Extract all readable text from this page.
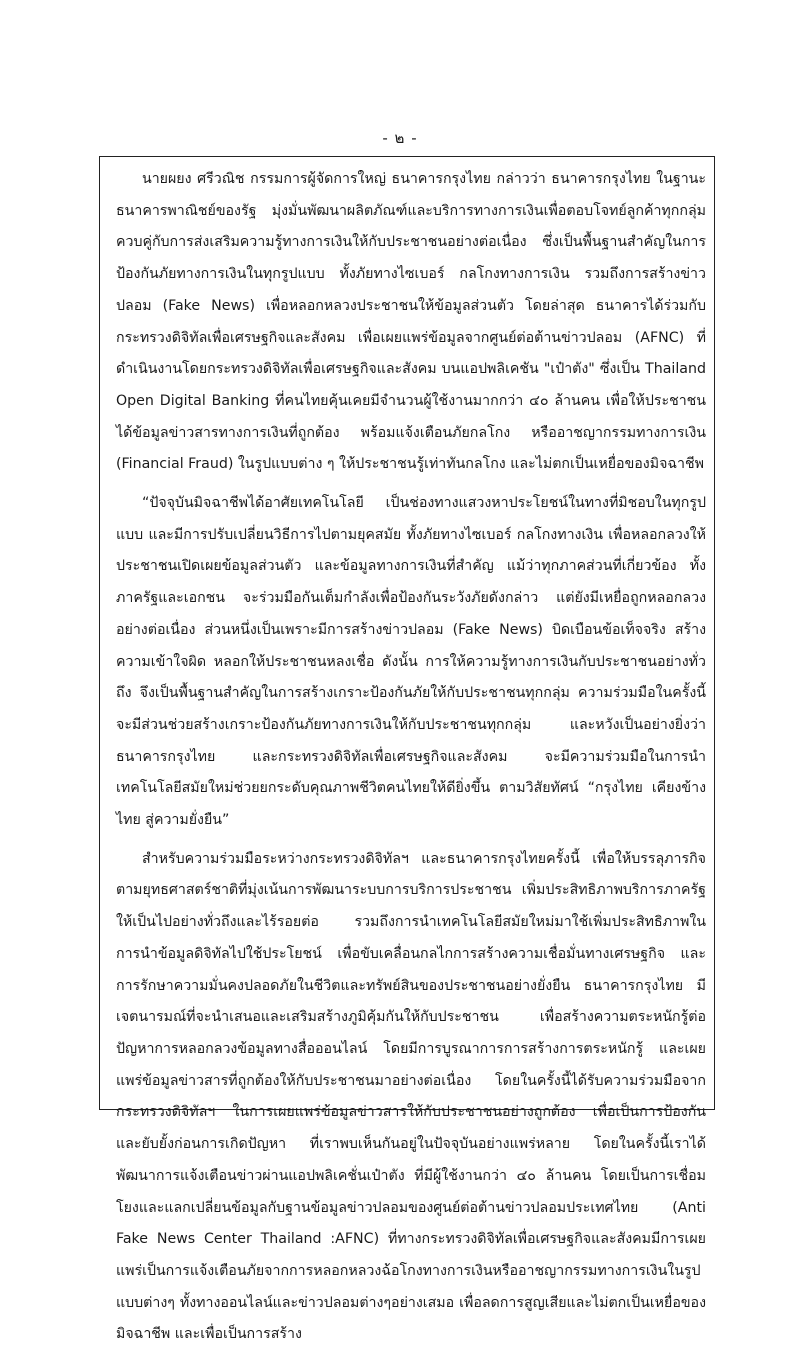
- ๒ -

นายผยง ศรีวณิช กรรมการผู้จัดการใหญ่ ธนาคารกรุงไทย กล่าวว่า ธนาคารกรุงไทย ในฐานะธนาคารพาณิชย์ของรัฐ มุ่งมั่นพัฒนาผลิตภัณฑ์และบริการทางการเงินเพื่อตอบโจทย์ลูกค้าทุกกลุ่ม ควบคู่กับการส่งเสริมความรู้ทางการเงินให้กับประชาชนอย่างต่อเนื่อง ซึ่งเป็นพื้นฐานสำคัญในการป้องกันภัยทางการเงินในทุกรูปแบบ ทั้งภัยทางไซเบอร์ กลโกงทางการเงิน รวมถึงการสร้างข่าวปลอม (Fake News) เพื่อหลอกหลวงประชาชนให้ข้อมูลส่วนตัว โดยล่าสุด ธนาคารได้ร่วมกับกระทรวงดิจิทัลเพื่อเศรษฐกิจและสังคม เพื่อเผยแพร่ข้อมูลจากศูนย์ต่อต้านข่าวปลอม (AFNC) ที่ดำเนินงานโดยกระทรวงดิจิทัลเพื่อเศรษฐกิจและสังคม บนแอปพลิเคชัน "เป๋าตัง" ซึ่งเป็น Thailand Open Digital Banking ที่คนไทยคุ้นเคยมีจำนวนผู้ใช้งานมากกว่า ๔๐ ล้านคน เพื่อให้ประชาชนได้ข้อมูลข่าวสารทางการเงินที่ถูกต้อง พร้อมแจ้งเตือนภัยกลโกง หรืออาชญากรรมทางการเงิน (Financial Fraud) ในรูปแบบต่าง ๆ ให้ประชาชนรู้เท่าทันกลโกง และไม่ตกเป็นเหยื่อของมิจฉาชีพ

“ปัจจุบันมิจฉาชีพได้อาศัยเทคโนโลยี เป็นช่องทางแสวงหาประโยชน์ในทางที่มิชอบในทุกรูปแบบ และมีการปรับเปลี่ยนวิธีการไปตามยุคสมัย ทั้งภัยทางไซเบอร์ กลโกงทางเงิน เพื่อหลอกลวงให้ประชาชนเปิดเผยข้อมูลส่วนตัว และข้อมูลทางการเงินที่สำคัญ แม้ว่าทุกภาคส่วนที่เกี่ยวข้อง ทั้งภาครัฐและเอกชน จะร่วมมือกันเต็มกำลังเพื่อป้องกันระวังภัยดังกล่าว แต่ยังมีเหยื่อถูกหลอกลวงอย่างต่อเนื่อง ส่วนหนึ่งเป็นเพราะมีการสร้างข่าวปลอม (Fake News) บิดเบือนข้อเท็จจริง สร้างความเข้าใจผิด หลอกให้ประชาชนหลงเชื่อ ดังนั้น การให้ความรู้ทางการเงินกับประชาชนอย่างทั่วถึง จึงเป็นพื้นฐานสำคัญในการสร้างเกราะป้องกันภัยให้กับประชาชนทุกกลุ่ม ความร่วมมือในครั้งนี้ จะมีส่วนช่วยสร้างเกราะป้องกันภัยทางการเงินให้กับประชาชนทุกกลุ่ม และหวังเป็นอย่างยิ่งว่าธนาคารกรุงไทย และกระทรวงดิจิทัลเพื่อเศรษฐกิจและสังคม จะมีความร่วมมือในการนำเทคโนโลยีสมัยใหม่ช่วยยกระดับคุณภาพชีวิตคนไทยให้ดียิ่งขึ้น ตามวิสัยทัศน์ “กรุงไทย เคียงข้างไทย สู่ความยั่งยืน”

สำหรับความร่วมมือระหว่างกระทรวงดิจิทัลฯ และธนาคารกรุงไทยครั้งนี้ เพื่อให้บรรลุภารกิจตามยุทธศาสตร์ชาติที่มุ่งเน้นการพัฒนาระบบการบริการประชาชน เพิ่มประสิทธิภาพบริการภาครัฐให้เป็นไปอย่างทั่วถึงและไร้รอยต่อ รวมถึงการนำเทคโนโลยีสมัยใหม่มาใช้เพิ่มประสิทธิภาพในการนำข้อมูลดิจิทัลไปใช้ประโยชน์ เพื่อขับเคลื่อนกลไกการสร้างความเชื่อมั่นทางเศรษฐกิจ และการรักษาความมั่นคงปลอดภัยในชีวิตและทรัพย์สินของประชาชนอย่างยั่งยืน ธนาคารกรุงไทย มีเจตนารมณ์ที่จะนำเสนอและเสริมสร้างภูมิคุ้มกันให้กับประชาชน เพื่อสร้างความตระหนักรู้ต่อปัญหาการหลอกลวงข้อมูลทางสื่อออนไลน์ โดยมีการบูรณาการการสร้างการตระหนักรู้ และเผยแพร่ข้อมูลข่าวสารที่ถูกต้องให้กับประชาชนมาอย่างต่อเนื่อง โดยในครั้งนี้ได้รับความร่วมมือจากกระทรวงดิจิทัลฯ ในการเผยแพร่ข้อมูลข่าวสารให้กับประชาชนอย่างถูกต้อง เพื่อเป็นการป้องกันและยับยั้งก่อนการเกิดปัญหา ที่เราพบเห็นกันอยู่ในปัจจุบันอย่างแพร่หลาย โดยในครั้งนี้เราได้พัฒนาการแจ้งเตือนข่าวผ่านแอปพลิเคชั่นเป๋าตัง ที่มีผู้ใช้งานกว่า ๔๐ ล้านคน โดยเป็นการเชื่อมโยงและแลกเปลี่ยนข้อมูลกับฐานข้อมูลข่าวปลอมของศูนย์ต่อต้านข่าวปลอมประเทศไทย (Anti Fake News Center Thailand :AFNC) ที่ทางกระทรวงดิจิทัลเพื่อเศรษฐกิจและสังคมมีการเผยแพร่เป็นการแจ้งเตือนภัยจากการหลอกหลวงฉ้อโกงทางการเงินหรืออาชญากรรมทางการเงินในรูปแบบต่างๆ ทั้งทางออนไลน์และข่าวปลอมต่างๆอย่างเสมอ เพื่อลดการสูญเสียและไม่ตกเป็นเหยื่อของมิจฉาชีพ และเพื่อเป็นการสร้าง
